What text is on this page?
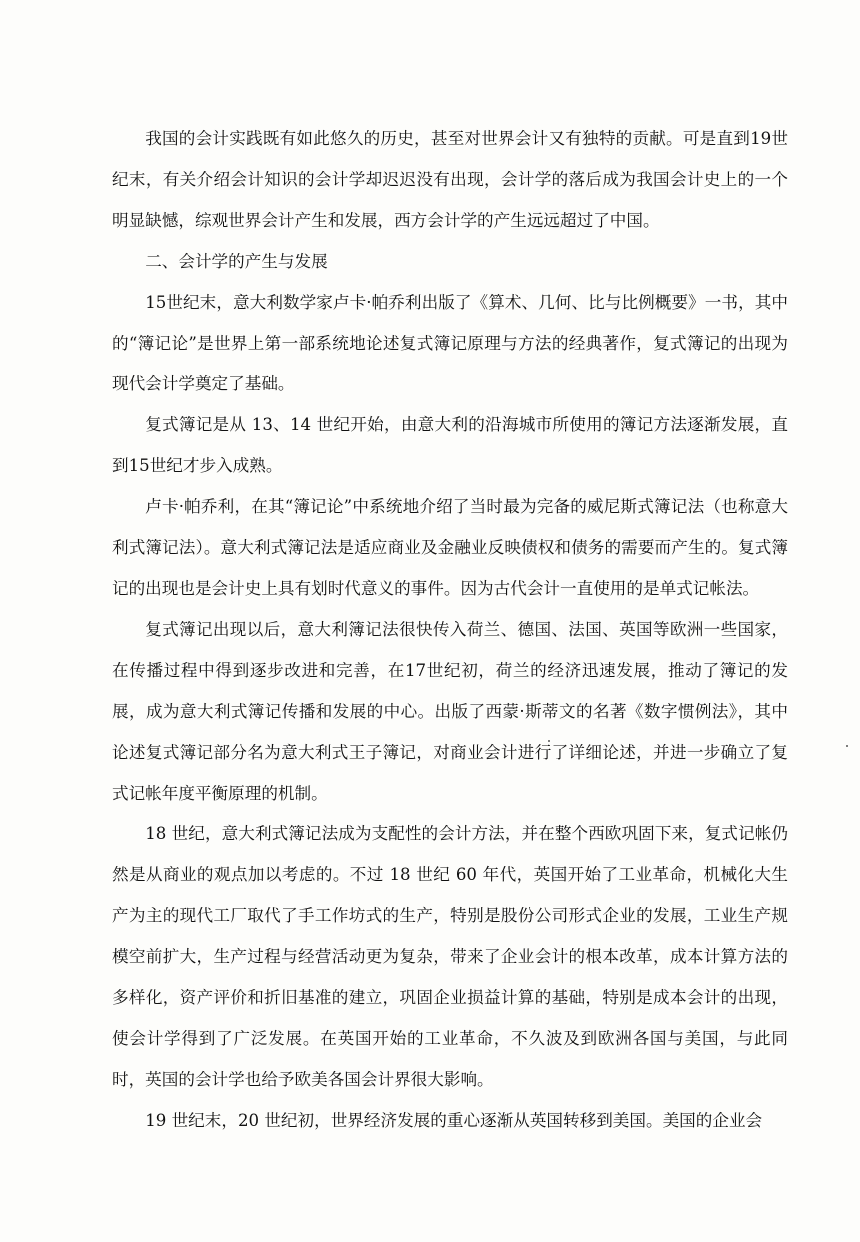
我国的会计实践既有如此悠久的历史，甚至对世界会计又有独特的贡献。可是直到19世纪末，有关介绍会计知识的会计学却迟迟没有出现，会计学的落后成为我国会计史上的一个明显缺憾，综观世界会计产生和发展，西方会计学的产生远远超过了中国。

二、会计学的产生与发展

15世纪末，意大利数学家卢卡·帕乔利出版了《算术、几何、比与比例概要》一书，其中的“簿记论”是世界上第一部系统地论述复式簿记原理与方法的经典著作，复式簿记的出现为现代会计学奠定了基础。

复式簿记是从 13、14 世纪开始，由意大利的沿海城市所使用的簿记方法逐渐发展，直到15世纪才步入成熟。

卢卡·帕乔利，在其“簿记论”中系统地介绍了当时最为完备的威尼斯式簿记法（也称意大利式簿记法）。意大利式簿记法是适应商业及金融业反映债权和债务的需要而产生的。复式簿记的出现也是会计史上具有划时代意义的事件。因为古代会计一直使用的是单式记帐法。

复式簿记出现以后，意大利簿记法很快传入荷兰、德国、法国、英国等欧洲一些国家，在传播过程中得到逐步改进和完善，在17世纪初，荷兰的经济迅速发展，推动了簿记的发展，成为意大利式簿记传播和发展的中心。出版了西蒙·斯蒂文的名著《数字惯例法》，其中论述复式簿记部分名为意大利式王子簿记，对商业会计进行了详细论述，并进一步确立了复式记帐年度平衡原理的机制。

18 世纪，意大利式簿记法成为支配性的会计方法，并在整个西欧巩固下来，复式记帐仍然是从商业的观点加以考虑的。不过 18 世纪 60 年代，英国开始了工业革命，机械化大生产为主的现代工厂取代了手工作坊式的生产，特别是股份公司形式企业的发展，工业生产规模空前扩大，生产过程与经营活动更为复杂，带来了企业会计的根本改革，成本计算方法的多样化，资产评价和折旧基准的建立，巩固企业损益计算的基础，特别是成本会计的出现，使会计学得到了广泛发展。在英国开始的工业革命，不久波及到欧洲各国与美国，与此同时，英国的会计学也给予欧美各国会计界很大影响。

19 世纪末，20 世纪初，世界经济发展的重心逐渐从英国转移到美国。美国的企业会
